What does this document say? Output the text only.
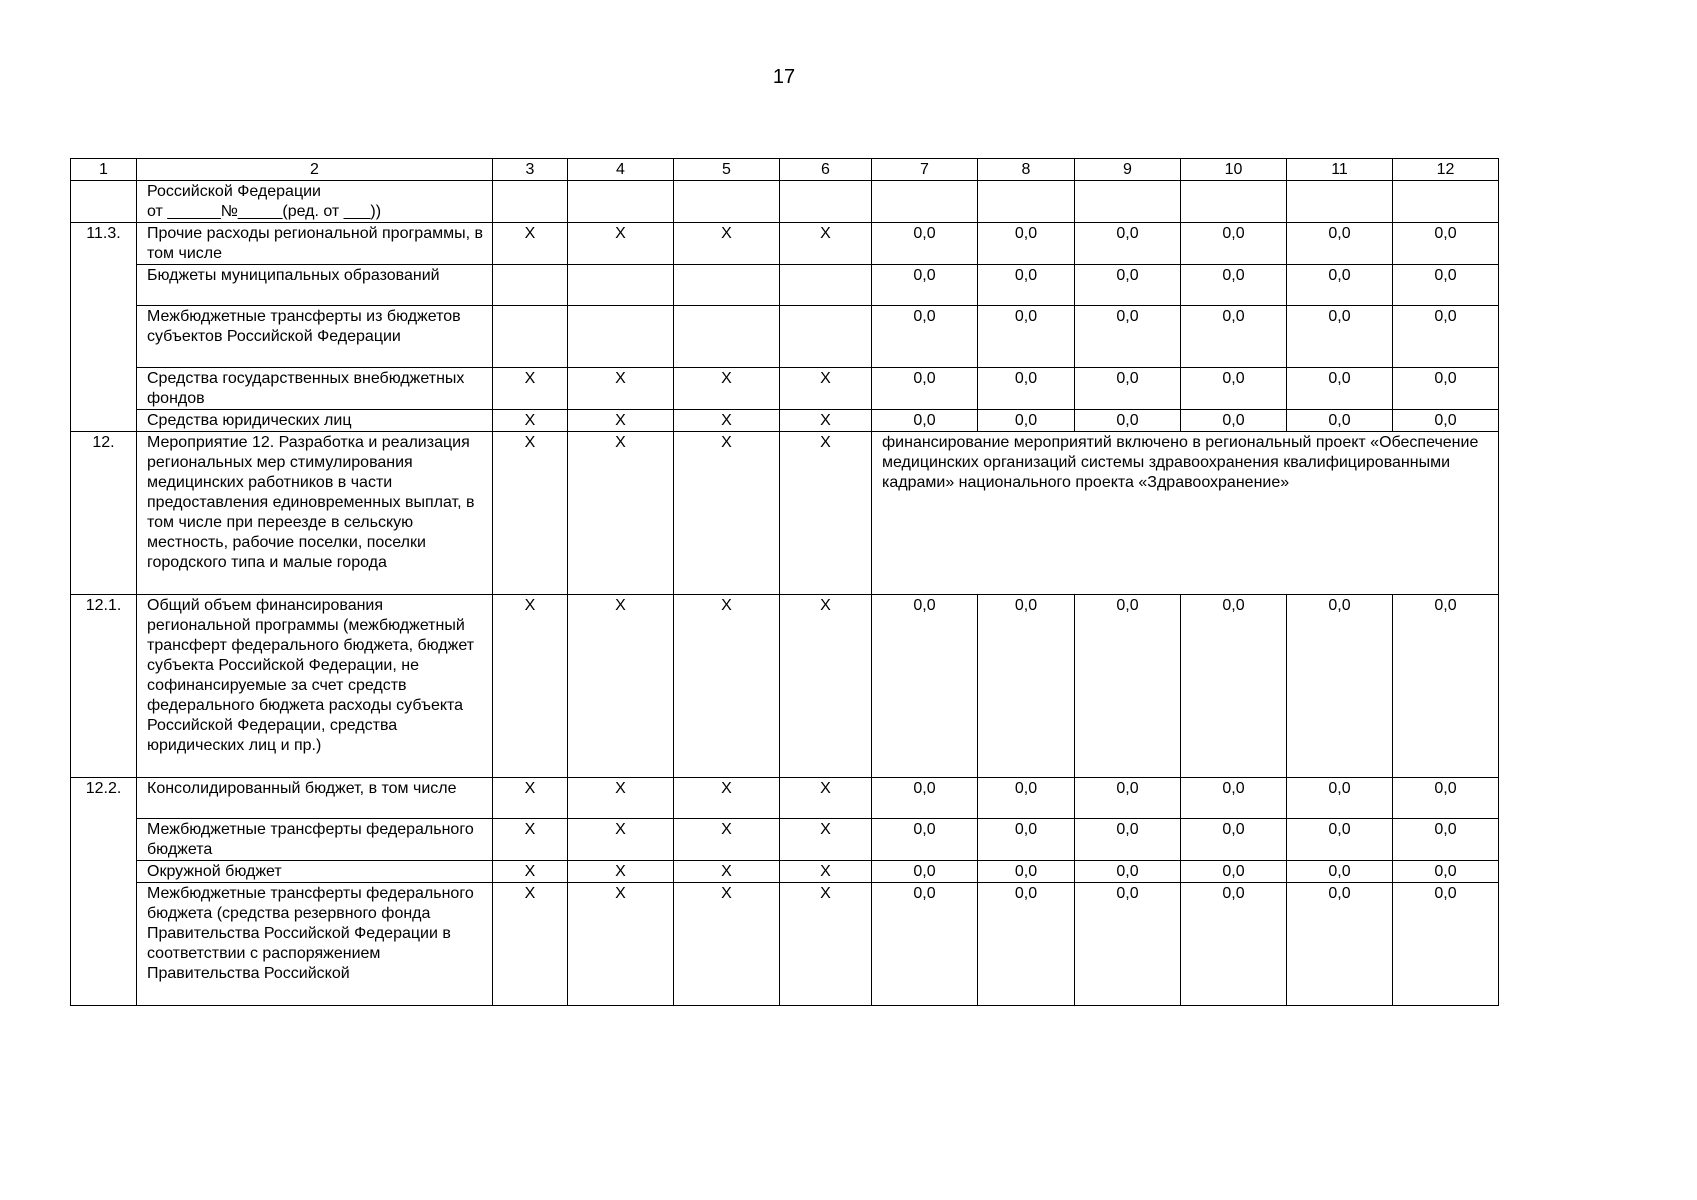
17
1	2	3	4	5	6	7	8	9	10	11	12

	Российской Федерации
от ______№_____(ред. от ___))										

11.3.	Прочие расходы региональной программы, в том числе	X	X	X	X	0,0	0,0	0,0	0,0	0,0	0,0
	Бюджеты муниципальных образований					0,0	0,0	0,0	0,0	0,0	0,0
	Межбюджетные трансферты из бюджетов субъектов Российской Федерации					0,0	0,0	0,0	0,0	0,0	0,0
	Средства государственных внебюджетных фондов	X	X	X	X	0,0	0,0	0,0	0,0	0,0	0,0
	Средства юридических лиц	X	X	X	X	0,0	0,0	0,0	0,0	0,0	0,0
12.	Мероприятие 12. Разработка и реализация региональных мер стимулирования медицинских работников в части предоставления единовременных выплат, в том числе при переезде в сельскую местность, рабочие поселки, поселки городского типа и малые города	X	X	X	X	финансирование мероприятий включено в региональный проект «Обеспечение медицинских организаций системы здравоохранения квалифицированными кадрами» национального проекта «Здравоохранение»					
12.1.	Общий объем финансирования региональной программы (межбюджетный трансферт федерального бюджета, бюджет субъекта Российской Федерации, не софинансируемые за счет средств федерального бюджета расходы субъекта Российской Федерации, средства юридических лиц и пр.)	X	X	X	X	0,0	0,0	0,0	0,0	0,0	0,0
12.2.	Консолидированный бюджет, в том числе	X	X	X	X	0,0	0,0	0,0	0,0	0,0	0,0
	Межбюджетные трансферты федерального бюджета	X	X	X	X	0,0	0,0	0,0	0,0	0,0	0,0
	Окружной бюджет	X	X	X	X	0,0	0,0	0,0	0,0	0,0	0,0
	Межбюджетные трансферты федерального бюджета (средства резервного фонда Правительства Российской Федерации в соответствии с распоряжением Правительства Российской	X	X	X	X	0,0	0,0	0,0	0,0	0,0	0,0
